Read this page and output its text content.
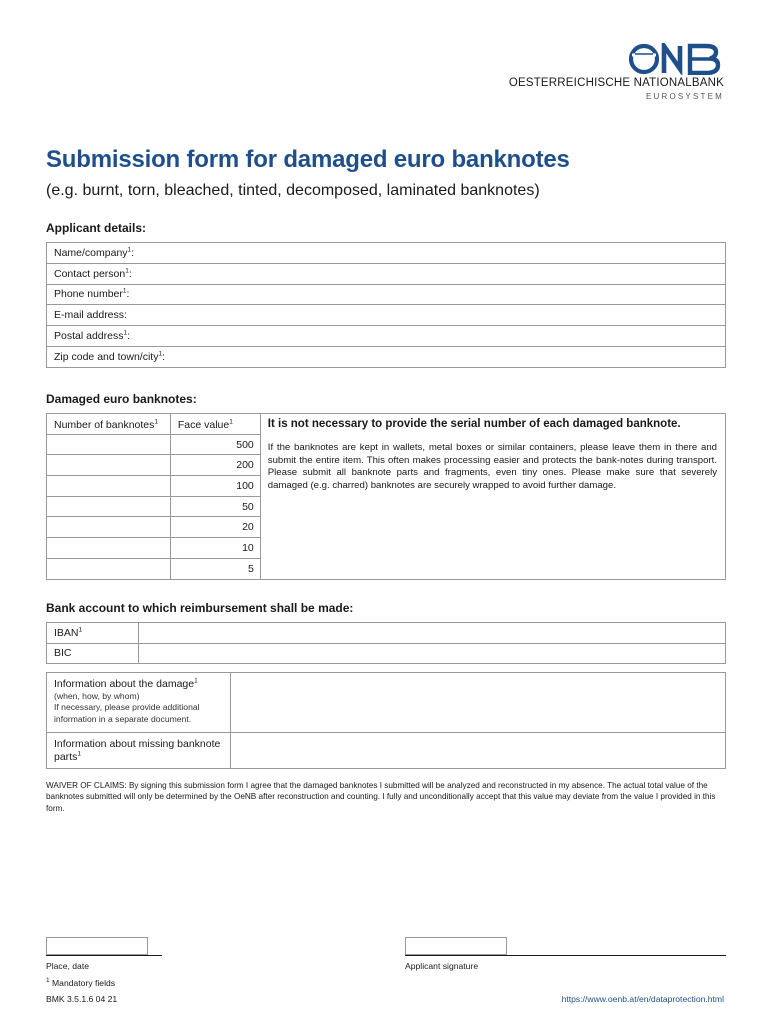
OESTERREICHISCHE NATIONALBANK
EUROSYSTEM
Submission form for damaged euro banknotes
(e.g. burnt, torn, bleached, tinted, decomposed, laminated banknotes)
Applicant details:
Name/company$^1$:
Contact person$^1$:
Phone number$^1$:
E-mail address:
Postal address$^1$:
Zip code and town/city$^1$:
Damaged euro banknotes:
Number of banknotes$^1$	Face value$^1$	It is not necessary to provide the serial number of each damaged banknote.
If the banknotes are kept in wallets, metal boxes or similar containers, please leave them in there and submit the entire item. This often makes processing easier and protects the bank-notes during transport. Please submit all banknote parts and fragments, even tiny ones. Please make sure that severely damaged (e.g. charred) banknotes are securely wrapped to avoid further damage.

	500	
	200	
	100	
	50	
	20	
	10	
	5	
Bank account to which reimbursement shall be made:
IBAN$^1$	
BIC	
Information about the damage$^1$
(when, how, by whom)
If necessary, please provide additional information in a separate document.	

Information about missing banknote parts$^1$

WAIVER OF CLAIMS: By signing this submission form I agree that the damaged banknotes I submitted will be analyzed and reconstructed in my absence. The actual total value of the banknotes submitted will only be determined by the OeNB after reconstruction and counting. I fully and unconditionally accept that this value may deviate from the value I provided in this form.
Place, date	Applicant signature
$^1$ Mandatory fields
BMK 3.5.1.6 04 21	https://www.oenb.at/en/dataprotection.html
